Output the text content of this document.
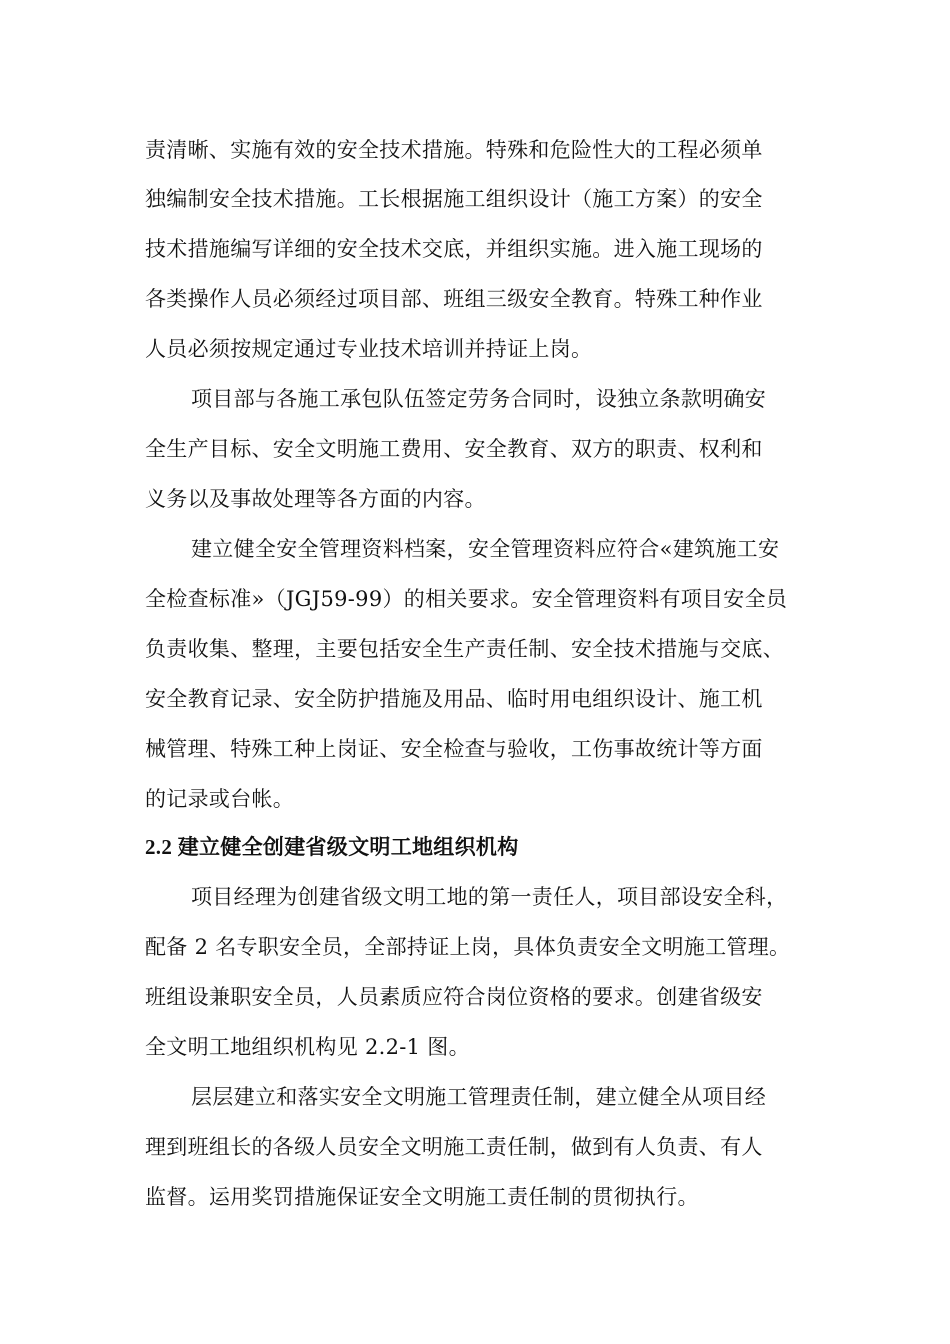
责清晰、实施有效的安全技术措施。特殊和危险性大的工程必须单
独编制安全技术措施。工长根据施工组织设计（施工方案）的安全
技术措施编写详细的安全技术交底，并组织实施。进入施工现场的
各类操作人员必须经过项目部、班组三级安全教育。特殊工种作业
人员必须按规定通过专业技术培训并持证上岗。
项目部与各施工承包队伍签定劳务合同时，设独立条款明确安
全生产目标、安全文明施工费用、安全教育、双方的职责、权利和
义务以及事故处理等各方面的内容。
建立健全安全管理资料档案，安全管理资料应符合«建筑施工安
全检查标准»（JGJ59-99）的相关要求。安全管理资料有项目安全员
负责收集、整理，主要包括安全生产责任制、安全技术措施与交底、
安全教育记录、安全防护措施及用品、临时用电组织设计、施工机
械管理、特殊工种上岗证、安全检查与验收，工伤事故统计等方面
的记录或台帐。
2.2 建立健全创建省级文明工地组织机构
项目经理为创建省级文明工地的第一责任人，项目部设安全科，
配备 2 名专职安全员，全部持证上岗，具体负责安全文明施工管理。
班组设兼职安全员，人员素质应符合岗位资格的要求。创建省级安
全文明工地组织机构见 2.2-1 图。
层层建立和落实安全文明施工管理责任制，建立健全从项目经
理到班组长的各级人员安全文明施工责任制，做到有人负责、有人
监督。运用奖罚措施保证安全文明施工责任制的贯彻执行。
